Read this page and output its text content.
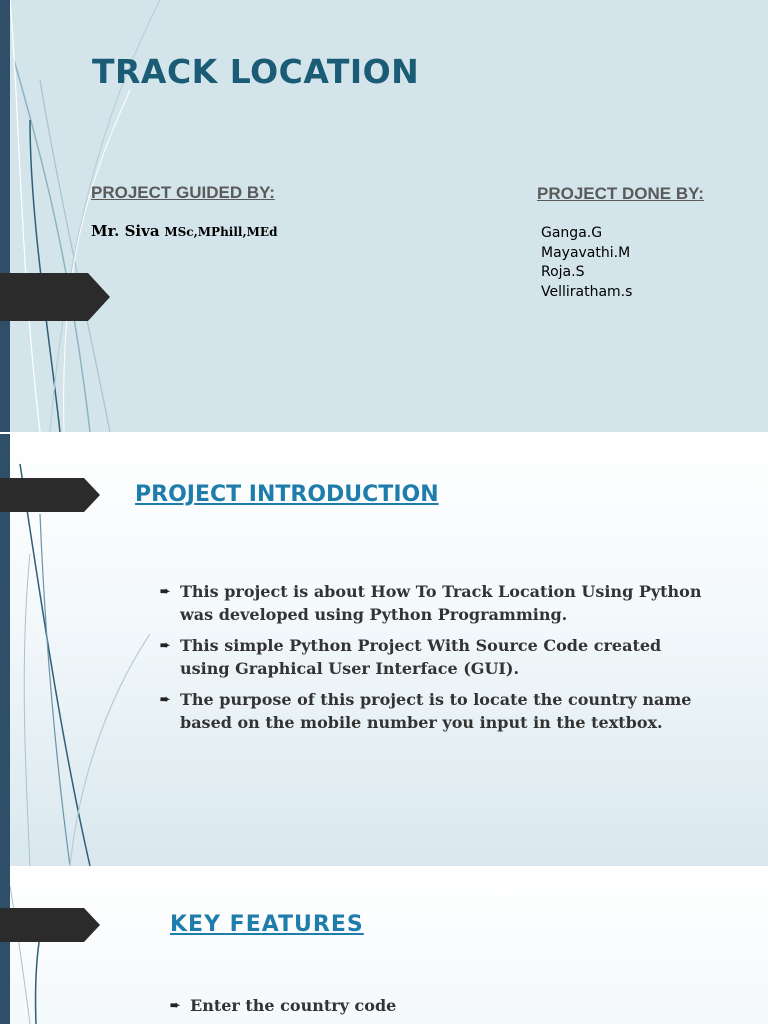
TRACK LOCATION
PROJECT GUIDED BY:
Mr. Siva MSc,MPhill,MEd
PROJECT DONE BY:
Ganga.G
Mayavathi.M
Roja.S
Velliratham.s
PROJECT INTRODUCTION
➨ This project is about How To Track Location Using Python was developed using Python Programming.
➨ This simple Python Project With Source Code created using Graphical User Interface (GUI).
➨ The purpose of this project is to locate the country name based on the mobile number you input in the textbox.
KEY FEATURES
➨ Enter the country code
